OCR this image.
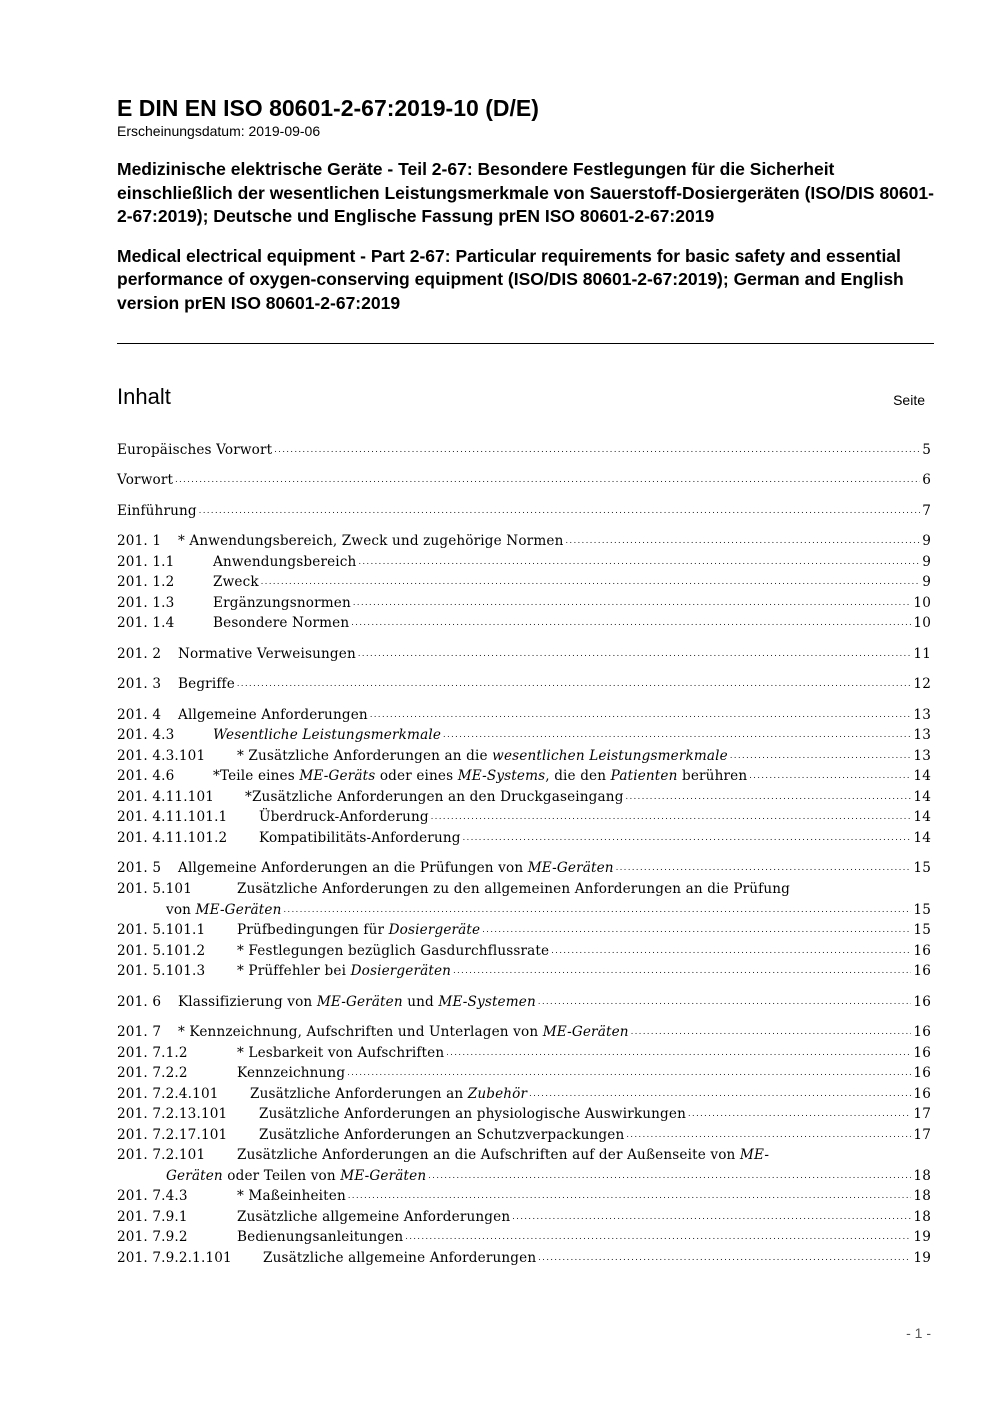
E DIN EN ISO 80601-2-67:2019-10 (D/E)

Erscheinungsdatum: 2019-09-06

Medizinische elektrische Geräte - Teil 2-67: Besondere Festlegungen für die Sicherheit einschließlich der wesentlichen Leistungsmerkmale von Sauerstoff-Dosiergeräten (ISO/DIS 80601-2-67:2019); Deutsche und Englische Fassung prEN ISO 80601-2-67:2019

Medical electrical equipment - Part 2-67: Particular requirements for basic safety and essential performance of oxygen-conserving equipment (ISO/DIS 80601-2-67:2019); German and English version prEN ISO 80601-2-67:2019

Inhalt	Seite
Europäisches Vorwort .....	5
Vorwort .....	6
Einführung .....	7
201. 1 * Anwendungsbereich, Zweck und zugehörige Normen .....	9
201. 1.1	Anwendungsbereich .....	9
201. 1.2	Zweck .....	9
201. 1.3	Ergänzungsnormen .....	10
201. 1.4	Besondere Normen .....	10
201. 2 Normative Verweisungen .....	11
201. 3 Begriffe .....	12
201. 4 Allgemeine Anforderungen .....	13
201. 4.3	Wesentliche Leistungsmerkmale .....	13
201. 4.3.101 * Zusätzliche Anforderungen an die wesentlichen Leistungsmerkmale .....	13
201. 4.6	*Teile eines ME-Geräts oder eines ME-Systems, die den Patienten berühren .....	14
201. 4.11.101 *Zusätzliche Anforderungen an den Druckgaseingang .....	14
201. 4.11.101.1 Überdruck-Anforderung .....	14
201. 4.11.101.2 Kompatibilitäts-Anforderung .....	14
201. 5 Allgemeine Anforderungen an die Prüfungen von ME-Geräten .....	15
201. 5.101	Zusätzliche Anforderungen zu den allgemeinen Anforderungen an die Prüfung
von ME-Geräten .....	15
201. 5.101.1 Prüfbedingungen für Dosiergeräte .....	15
201. 5.101.2 * Festlegungen bezüglich Gasdurchflussrate .....	16
201. 5.101.3 * Prüffehler bei Dosiergeräten .....	16
201. 6 Klassifizierung von ME-Geräten und ME-Systemen .....	16
201. 7 * Kennzeichnung, Aufschriften und Unterlagen von ME-Geräten .....	16
201. 7.1.2	* Lesbarkeit von Aufschriften .....	16
201. 7.2.2	Kennzeichnung .....	16
201. 7.2.4.101 Zusätzliche Anforderungen an Zubehör .....	16
201. 7.2.13.101 Zusätzliche Anforderungen an physiologische Auswirkungen .....	17
201. 7.2.17.101 Zusätzliche Anforderungen an Schutzverpackungen .....	17
201. 7.2.101 Zusätzliche Anforderungen an die Aufschriften auf der Außenseite von ME-
Geräten oder Teilen von ME-Geräten .....	18
201. 7.4.3	* Maßeinheiten .....	18
201. 7.9.1	Zusätzliche allgemeine Anforderungen .....	18
201. 7.9.2	Bedienungsanleitungen .....	19
201. 7.9.2.1.101 Zusätzliche allgemeine Anforderungen .....	19
- 1 -
